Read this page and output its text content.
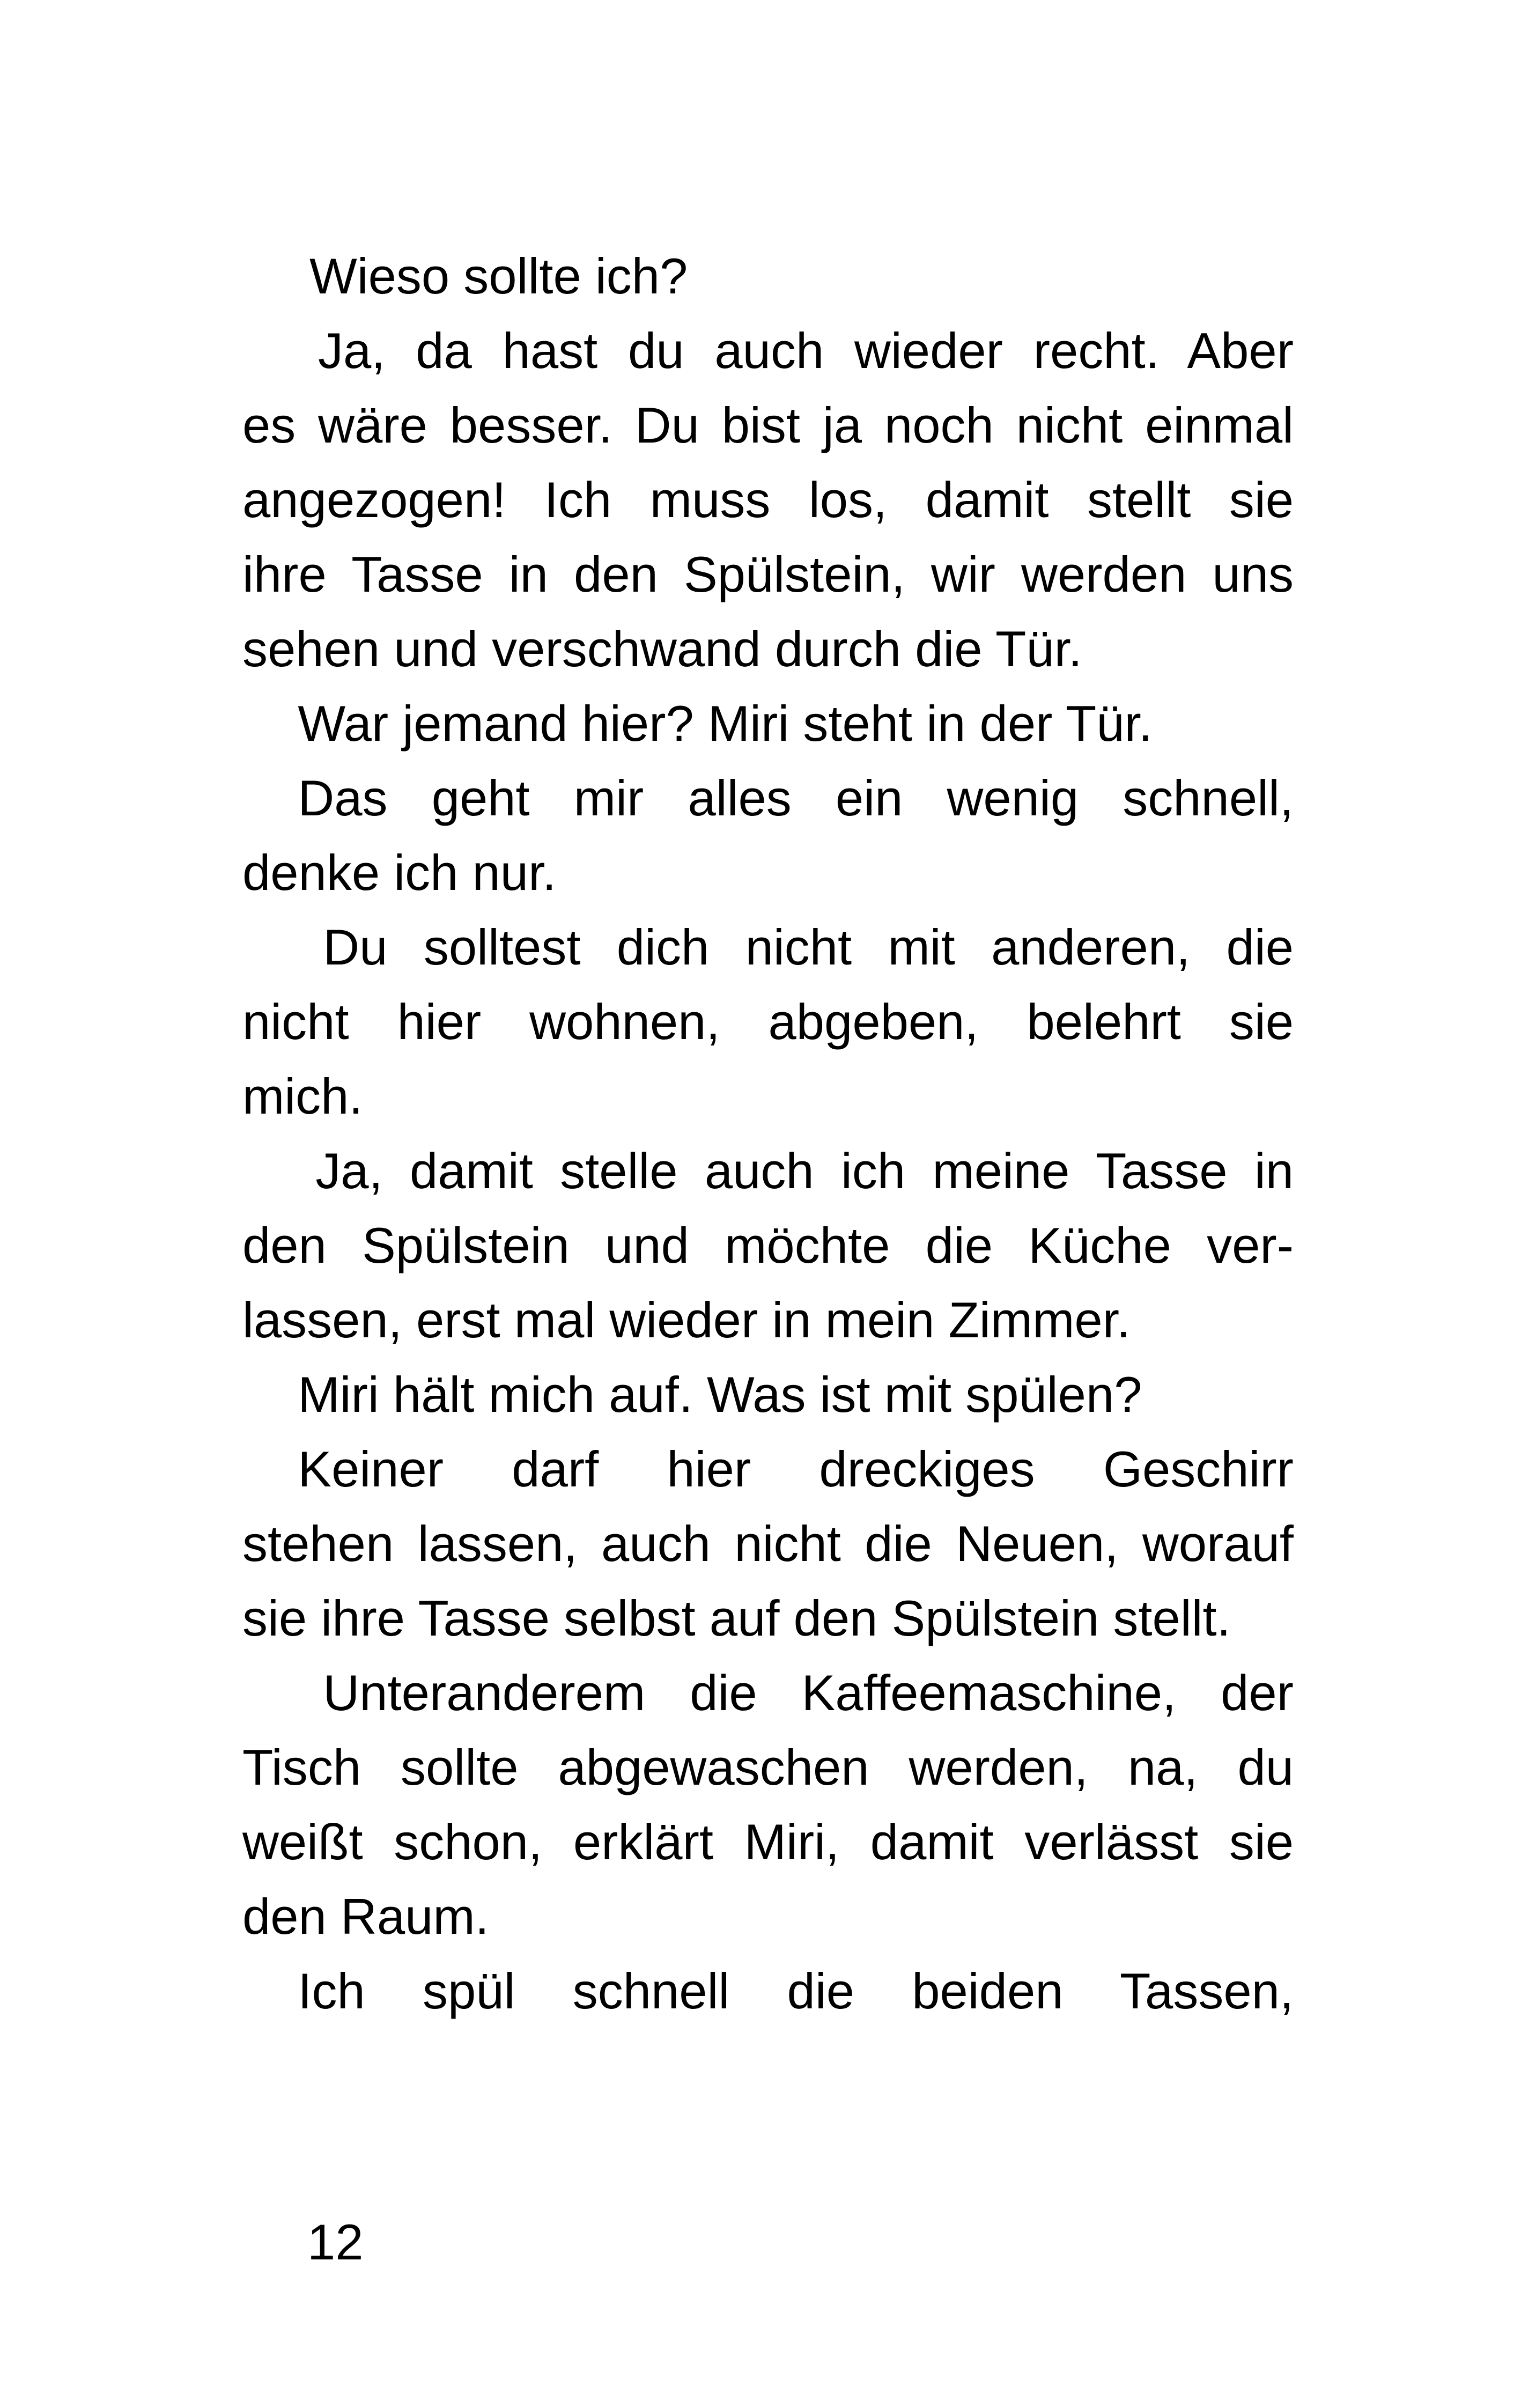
Wieso sollte ich?
Ja, da hast du auch wieder recht. Aber
es wäre besser. Du bist ja noch nicht einmal
angezogen! Ich muss los, damit stellt sie
ihre Tasse in den Spülstein, wir werden uns
sehen und verschwand durch die Tür.
War jemand hier? Miri steht in der Tür.
Das geht mir alles ein wenig schnell,
denke ich nur.
Du solltest dich nicht mit anderen, die
nicht hier wohnen, abgeben, belehrt sie
mich.
Ja, damit stelle auch ich meine Tasse in
den Spülstein und möchte die Küche ver-
lassen, erst mal wieder in mein Zimmer.
Miri hält mich auf. Was ist mit spülen?
Keiner darf hier dreckiges Geschirr
stehen lassen, auch nicht die Neuen, worauf
sie ihre Tasse selbst auf den Spülstein stellt.
Unteranderem die Kaffeemaschine, der
Tisch sollte abgewaschen werden, na, du
weißt schon, erklärt Miri, damit verlässt sie
den Raum.
Ich spül schnell die beiden Tassen,
12
